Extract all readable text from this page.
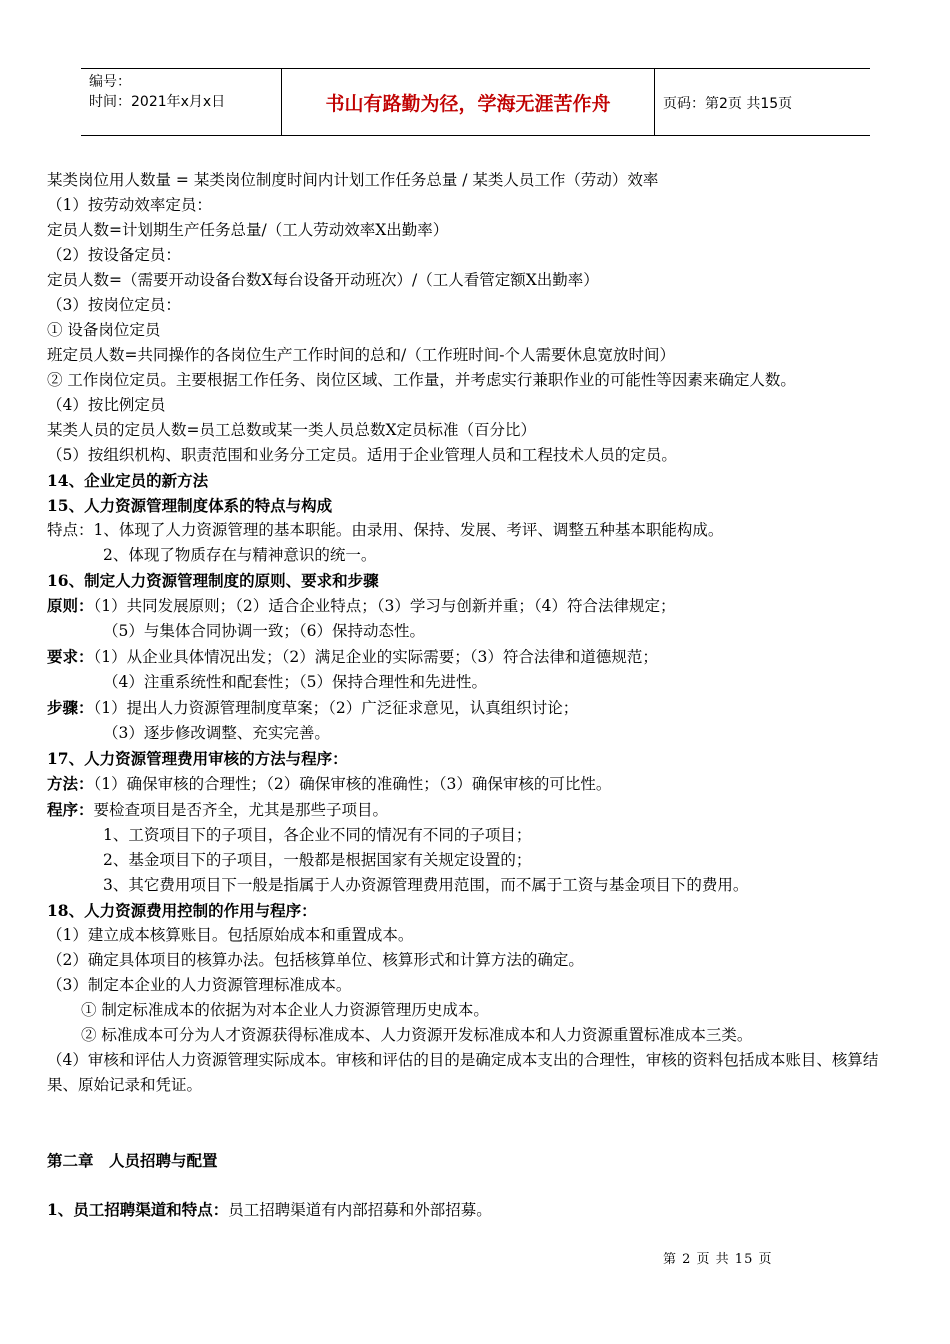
编号：
时间：2021年x月x日	书山有路勤为径，学海无涯苦作舟	页码：第2页 共15页
某类岗位用人数量 = 某类岗位制度时间内计划工作任务总量 / 某类人员工作（劳动）效率
（1）按劳动效率定员：
定员人数=计划期生产任务总量/（工人劳动效率X出勤率）
（2）按设备定员：
定员人数=（需要开动设备台数X每台设备开动班次）/（工人看管定额X出勤率）
（3）按岗位定员：
① 设备岗位定员
班定员人数=共同操作的各岗位生产工作时间的总和/（工作班时间-个人需要休息宽放时间）
② 工作岗位定员。主要根据工作任务、岗位区域、工作量，并考虑实行兼职作业的可能性等因素来确定人数。
（4）按比例定员
某类人员的定员人数=员工总数或某一类人员总数X定员标准（百分比）
（5）按组织机构、职责范围和业务分工定员。适用于企业管理人员和工程技术人员的定员。
14、企业定员的新方法
15、人力资源管理制度体系的特点与构成
特点：1、体现了人力资源管理的基本职能。由录用、保持、发展、考评、调整五种基本职能构成。
2、体现了物质存在与精神意识的统一。
16、制定人力资源管理制度的原则、要求和步骤
原则：（1）共同发展原则；（2）适合企业特点；（3）学习与创新并重；（4）符合法律规定；
（5）与集体合同协调一致；（6）保持动态性。
要求：（1）从企业具体情况出发；（2）满足企业的实际需要；（3）符合法律和道德规范；
（4）注重系统性和配套性；（5）保持合理性和先进性。
步骤：（1）提出人力资源管理制度草案；（2）广泛征求意见，认真组织讨论；
（3）逐步修改调整、充实完善。
17、人力资源管理费用审核的方法与程序：
方法：（1）确保审核的合理性；（2）确保审核的准确性；（3）确保审核的可比性。
程序：要检查项目是否齐全，尤其是那些子项目。
1、工资项目下的子项目，各企业不同的情况有不同的子项目；
2、基金项目下的子项目，一般都是根据国家有关规定设置的；
3、其它费用项目下一般是指属于人办资源管理费用范围，而不属于工资与基金项目下的费用。
18、人力资源费用控制的作用与程序：
（1）建立成本核算账目。包括原始成本和重置成本。
（2）确定具体项目的核算办法。包括核算单位、核算形式和计算方法的确定。
（3）制定本企业的人力资源管理标准成本。
① 制定标准成本的依据为对本企业人力资源管理历史成本。
② 标准成本可分为人才资源获得标准成本、人力资源开发标准成本和人力资源重置标准成本三类。
（4）审核和评估人力资源管理实际成本。审核和评估的目的是确定成本支出的合理性，审核的资料包括成本账目、核算结果、原始记录和凭证。
第二章　人员招聘与配置
1、员工招聘渠道和特点：员工招聘渠道有内部招募和外部招募。
第 2 页 共 15 页
